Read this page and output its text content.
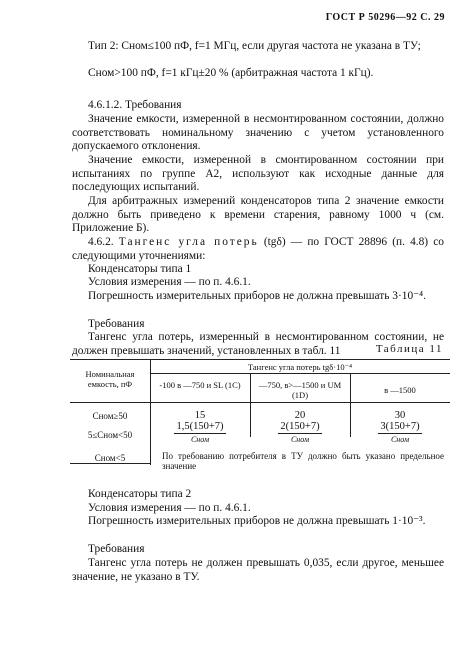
ГОСТ Р 50296—92 С. 29
Тип 2: Cном≤100 пФ, f=1 МГц, если другая частота не указана в ТУ;
Cном>100 пФ, f=1 кГц±20 % (арбитражная частота 1 кГц).
4.6.1.2. Требования
Значение емкости, измеренной в несмонтированном состоянии, должно соответствовать номинальному значению с учетом установленного допускаемого отклонения.
Значение емкости, измеренной в смонтированном состоянии при испытаниях по группе А2, используют как исходные данные для последующих испытаний.
Для арбитражных измерений конденсаторов типа 2 значение емкости должно быть приведено к времени старения, равному 1000 ч (см. Приложение Б).
4.6.2. Тангенс угла потерь (tgδ) — по ГОСТ 28896 (п. 4.8) со следующими уточнениями:
Конденсаторы типа 1
Условия измерения — по п. 4.6.1.
Погрешность измерительных приборов не должна превышать 3·10⁻⁴.
Требования
Тангенс угла потерь, измеренный в несмонтированном состоянии, не должен превышать значений, установленных в табл. 11	Таблица 11
Номинальная емкость, пФ
Тангенс угла потерь tgδ·10⁻⁴
-100 в —750 и SL (1С)	—750, в>—1500 и UM (1D)	в —1500
Cном≥50	15	20	30
5≤Cном<50	$\frac{1,5(150+7)}{\text{Cном}}$	$\frac{2(150+7)}{\text{Cном}}$	$\frac{3(150+7)}{\text{Cном}}$
Cном<5	По требованию потребителя в ТУ должно быть указано предельное значение
Конденсаторы типа 2
Условия измерения — по п. 4.6.1.
Погрешность измерительных приборов не должна превышать 1·10⁻³.
Требования
Тангенс угла потерь не должен превышать 0,035, если другое, меньшее значение, не указано в ТУ.
